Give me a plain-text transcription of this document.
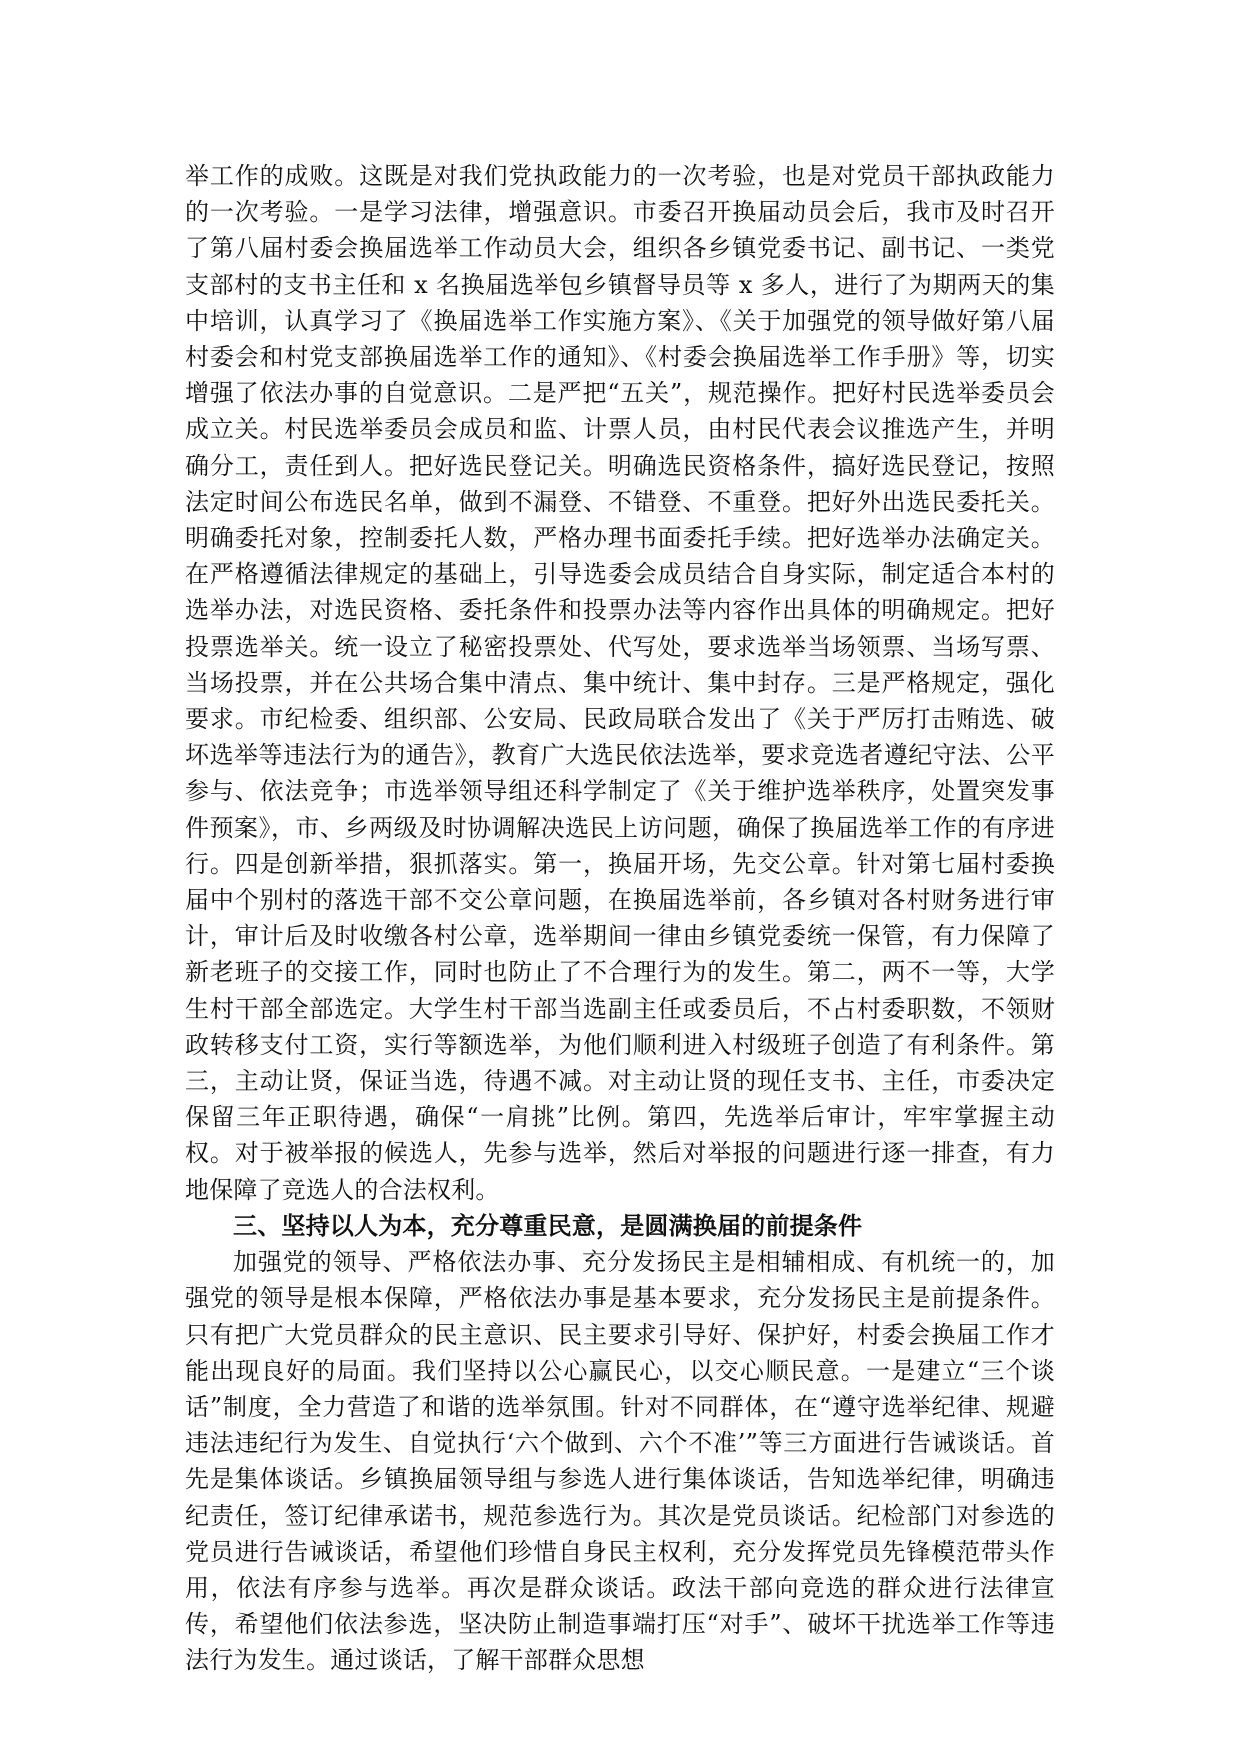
举工作的成败。这既是对我们党执政能力的一次考验，也是对党员干部执政能力的一次考验。一是学习法律，增强意识。市委召开换届动员会后，我市及时召开了第八届村委会换届选举工作动员大会，组织各乡镇党委书记、副书记、一类党支部村的支书主任和 x 名换届选举包乡镇督导员等 x 多人，进行了为期两天的集中培训，认真学习了《换届选举工作实施方案》、《关于加强党的领导做好第八届村委会和村党支部换届选举工作的通知》、《村委会换届选举工作手册》等，切实增强了依法办事的自觉意识。二是严把“五关”，规范操作。把好村民选举委员会成立关。村民选举委员会成员和监、计票人员，由村民代表会议推选产生，并明确分工，责任到人。把好选民登记关。明确选民资格条件，搞好选民登记，按照法定时间公布选民名单，做到不漏登、不错登、不重登。把好外出选民委托关。明确委托对象，控制委托人数，严格办理书面委托手续。把好选举办法确定关。在严格遵循法律规定的基础上，引导选委会成员结合自身实际，制定适合本村的选举办法，对选民资格、委托条件和投票办法等内容作出具体的明确规定。把好投票选举关。统一设立了秘密投票处、代写处，要求选举当场领票、当场写票、当场投票，并在公共场合集中清点、集中统计、集中封存。三是严格规定，强化要求。市纪检委、组织部、公安局、民政局联合发出了《关于严厉打击贿选、破坏选举等违法行为的通告》，教育广大选民依法选举，要求竞选者遵纪守法、公平参与、依法竞争；市选举领导组还科学制定了《关于维护选举秩序，处置突发事件预案》，市、乡两级及时协调解决选民上访问题，确保了换届选举工作的有序进行。四是创新举措，狠抓落实。第一，换届开场，先交公章。针对第七届村委换届中个别村的落选干部不交公章问题，在换届选举前，各乡镇对各村财务进行审计，审计后及时收缴各村公章，选举期间一律由乡镇党委统一保管，有力保障了新老班子的交接工作，同时也防止了不合理行为的发生。第二，两不一等，大学生村干部全部选定。大学生村干部当选副主任或委员后，不占村委职数，不领财政转移支付工资，实行等额选举，为他们顺利进入村级班子创造了有利条件。第三，主动让贤，保证当选，待遇不减。对主动让贤的现任支书、主任，市委决定保留三年正职待遇，确保“一肩挑”比例。第四，先选举后审计，牢牢掌握主动权。对于被举报的候选人，先参与选举，然后对举报的问题进行逐一排查，有力地保障了竞选人的合法权利。

三、坚持以人为本，充分尊重民意，是圆满换届的前提条件

加强党的领导、严格依法办事、充分发扬民主是相辅相成、有机统一的，加强党的领导是根本保障，严格依法办事是基本要求，充分发扬民主是前提条件。只有把广大党员群众的民主意识、民主要求引导好、保护好，村委会换届工作才能出现良好的局面。我们坚持以公心赢民心，以交心顺民意。一是建立“三个谈话”制度，全力营造了和谐的选举氛围。针对不同群体，在“遵守选举纪律、规避违法违纪行为发生、自觉执行‘六个做到、六个不准’”等三方面进行告诫谈话。首先是集体谈话。乡镇换届领导组与参选人进行集体谈话，告知选举纪律，明确违纪责任，签订纪律承诺书，规范参选行为。其次是党员谈话。纪检部门对参选的党员进行告诫谈话，希望他们珍惜自身民主权利，充分发挥党员先锋模范带头作用，依法有序参与选举。再次是群众谈话。政法干部向竞选的群众进行法律宣传，希望他们依法参选，坚决防止制造事端打压“对手”、破坏干扰选举工作等违法行为发生。通过谈话，了解干部群众思想
